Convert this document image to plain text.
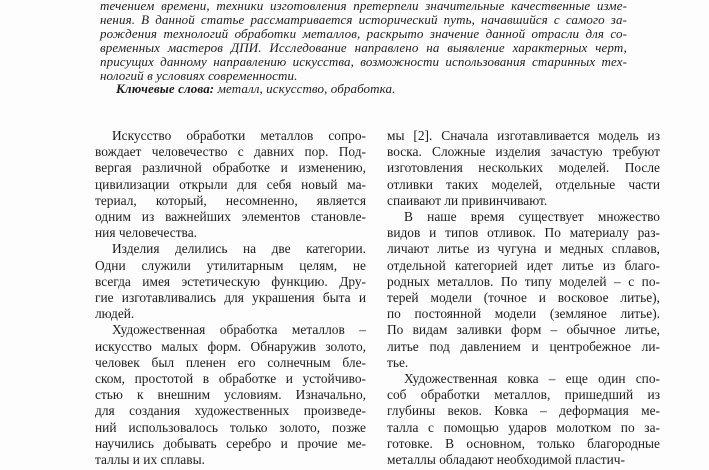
течением времени, техники изготовления претерпели значительные качественные изме-
нения. В данной статье рассматривается исторический путь, начавшийся с самого за-
рождения технологий обработки металлов, раскрыто значение данной отрасли для со-
временных мастеров ДПИ. Исследование направлено на выявление характерных черт,
присущих данному направлению искусства, возможности использования старинных тех-
нологий в условиях современности.
Ключевые слова: металл, искусство, обработка.
Искусство обработки металлов сопро-
вождает человечество с давних пор. Под-
вергая различной обработке и изменению,
цивилизации открыли для себя новый ма-
териал, который, несомненно, является
одним из важнейших элементов становле-
ния человечества.
Изделия делились на две категории.
Одни служили утилитарным целям, не
всегда имея эстетическую функцию. Дру-
гие изготавливались для украшения быта и
людей.
Художественная обработка металлов –
искусство малых форм. Обнаружив золото,
человек был пленен его солнечным бле-
ском, простотой в обработке и устойчиво-
стью к внешним условиям. Изначально,
для создания художественных произведе-
ний использовалось только золото, позже
научились добывать серебро и прочие ме-
таллы и их сплавы.
мы [2]. Сначала изготавливается модель из
воска. Сложные изделия зачастую требуют
изготовления нескольких моделей. После
отливки таких моделей, отдельные части
спаивают ли привинчивают.
В наше время существует множество
видов и типов отливок. По материалу раз-
личают литье из чугуна и медных сплавов,
отдельной категорией идет литье из благо-
родных металлов. По типу моделей – с по-
терей модели (точное и восковое литье),
по постоянной модели (земляное литье).
По видам заливки форм – обычное литье,
литье под давлением и центробежное ли-
тье.
Художественная ковка – еще один спо-
соб обработки металлов, пришедший из
глубины веков. Ковка – деформация ме-
талла с помощью ударов молотком по за-
готовке. В основном, только благородные
металлы обладают необходимой пластич-
